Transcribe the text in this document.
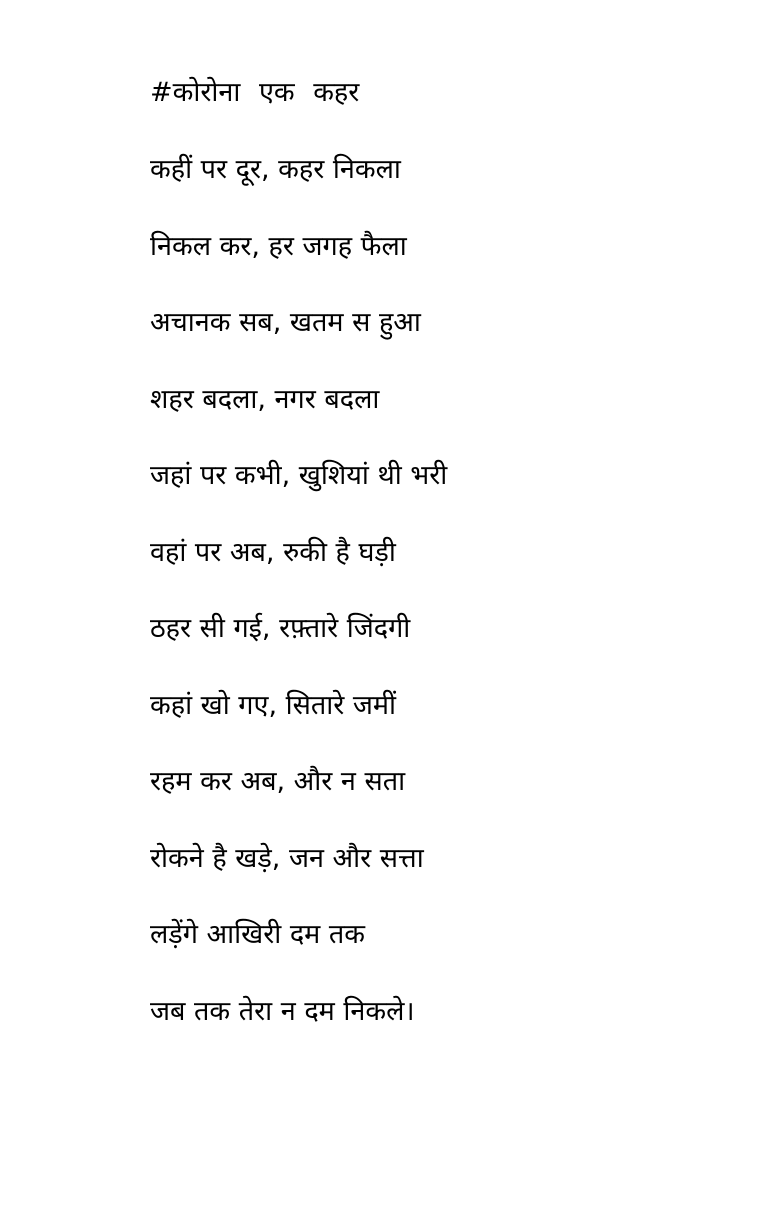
#कोरोना एक कहर
कहीं पर दूर, कहर निकला
निकल कर, हर जगह फैला
अचानक सब, खतम स हुआ
शहर बदला, नगर बदला
जहां पर कभी, खुशियां थी भरी
वहां पर अब, रुकी है घड़ी
ठहर सी गई, रफ़्तारे जिंदगी
कहां खो गए, सितारे जमीं
रहम कर अब, और न सता
रोकने है खड़े, जन और सत्ता
लड़ेंगे आखिरी दम तक
जब तक तेरा न दम निकले।
